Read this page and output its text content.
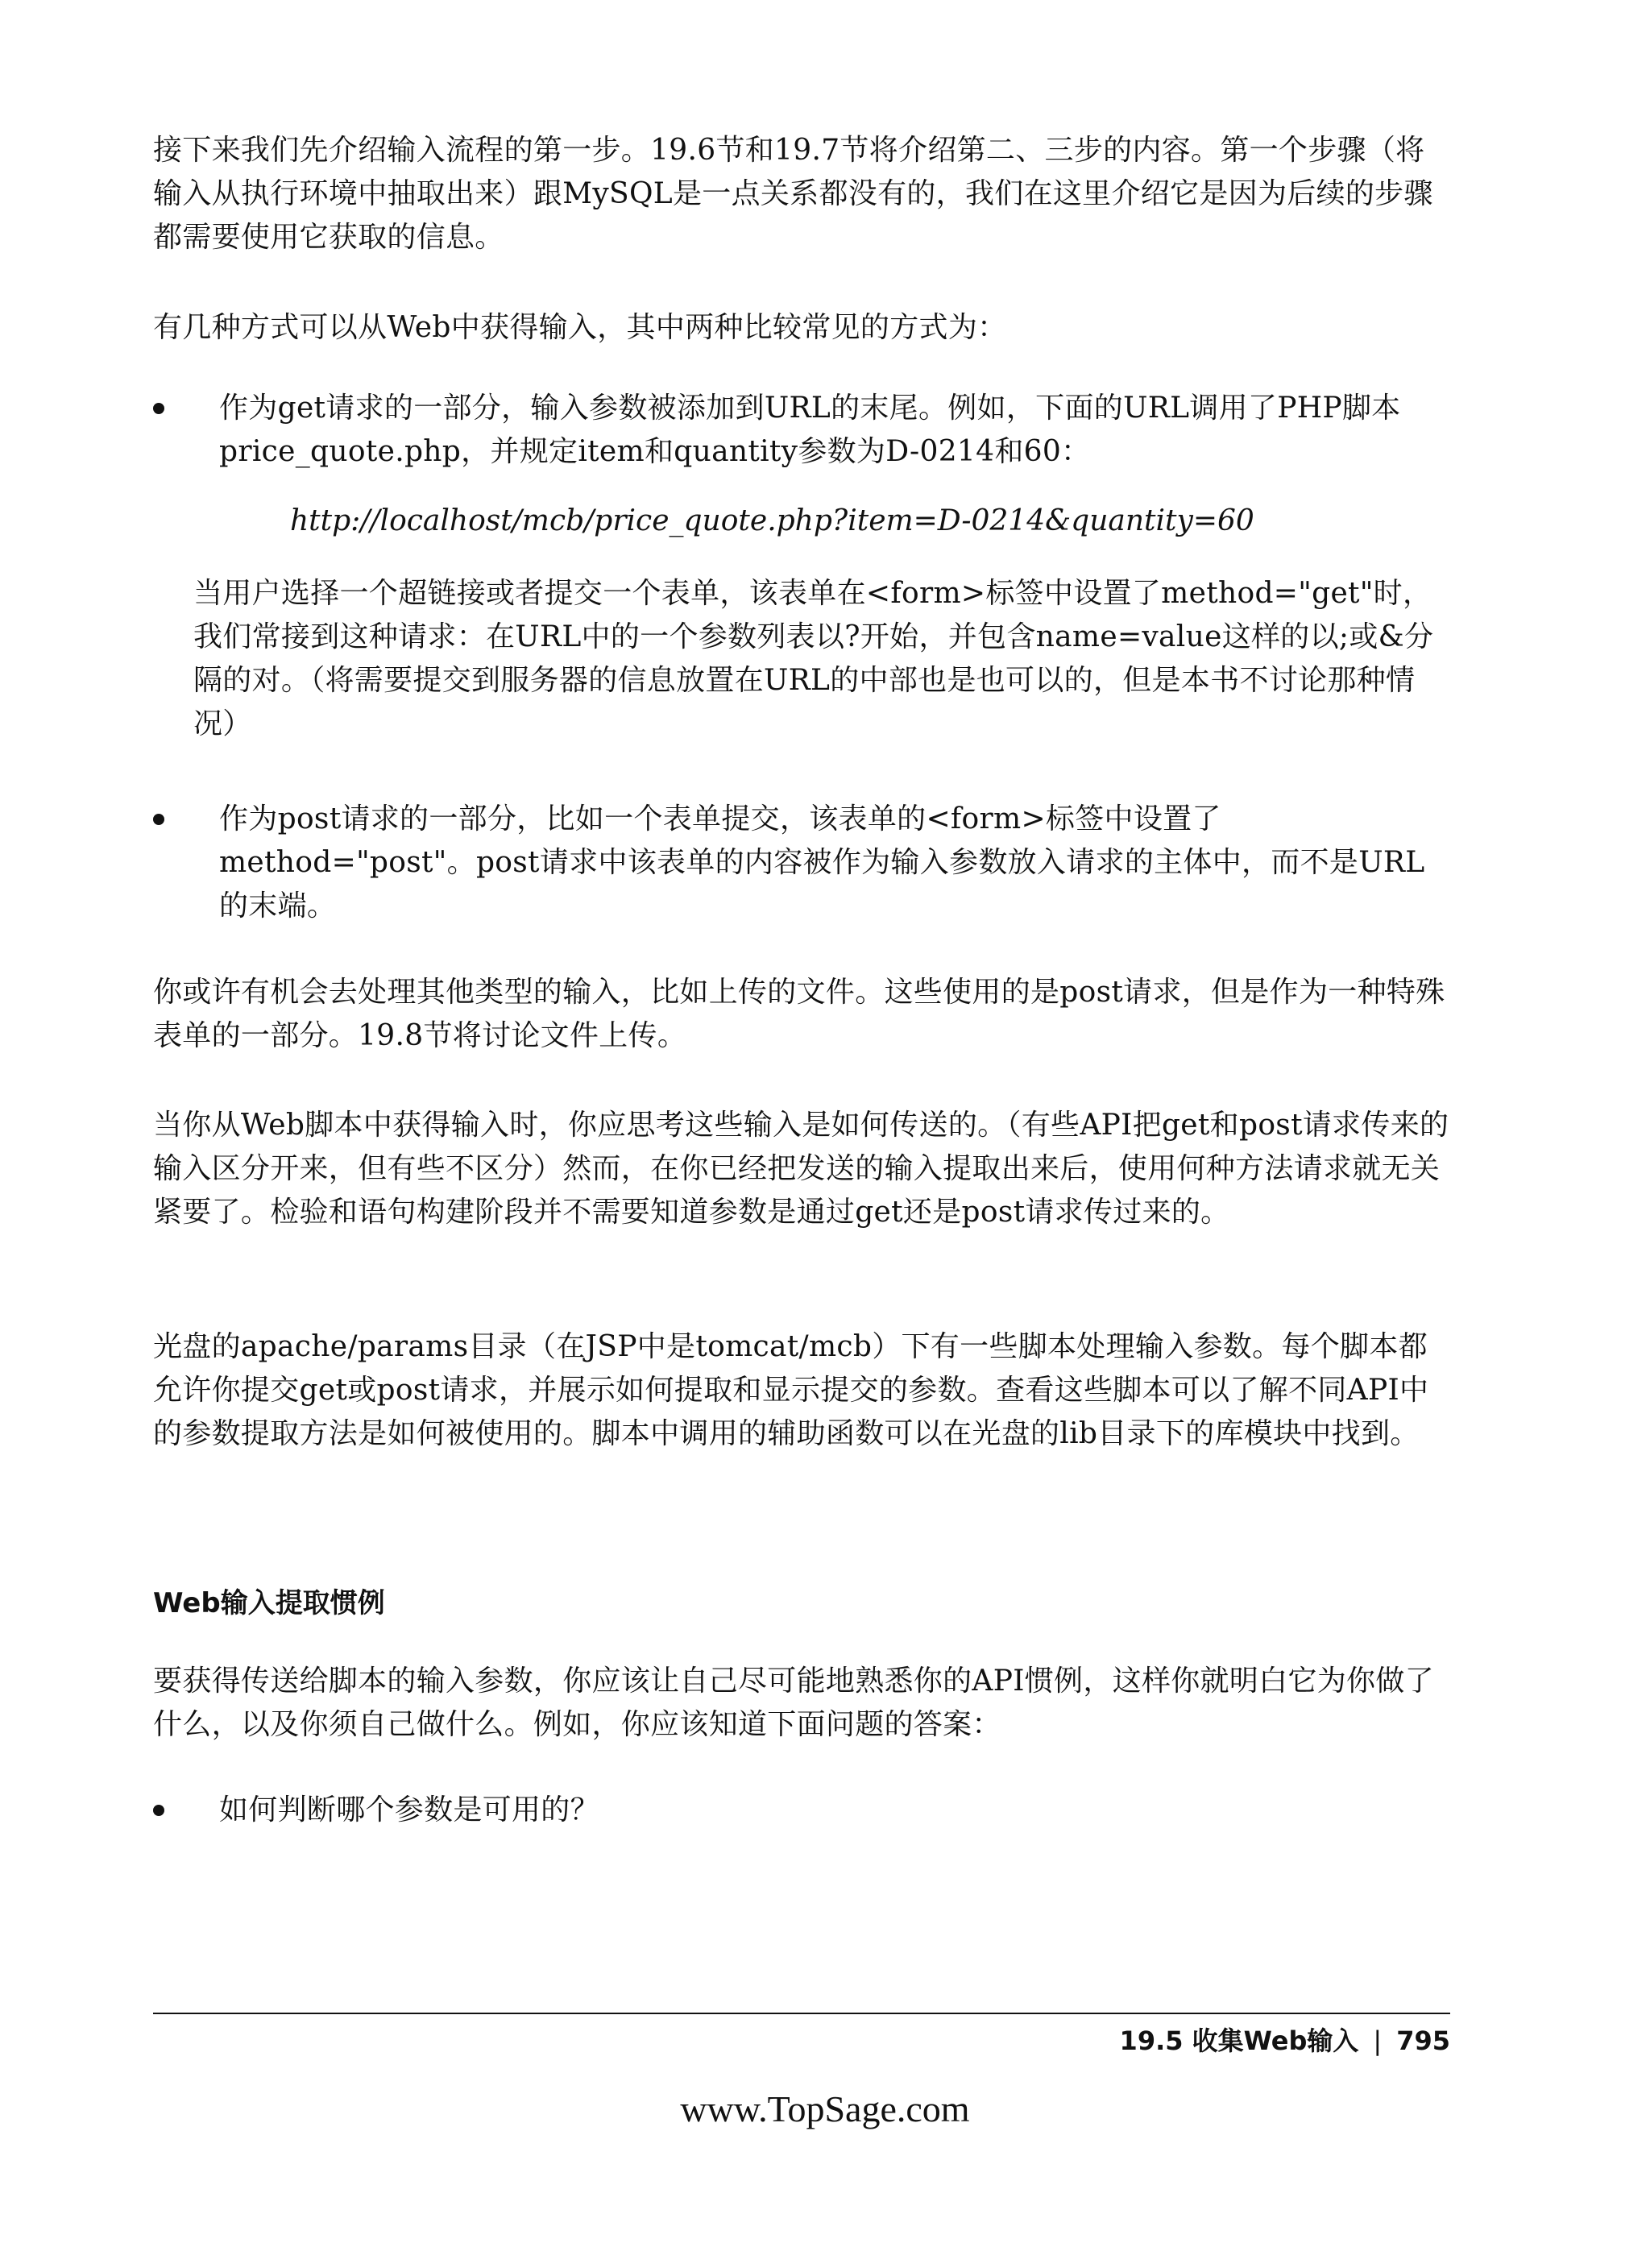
接下来我们先介绍输入流程的第一步。19.6节和19.7节将介绍第二、三步的内容。第一个步骤（将输入从执行环境中抽取出来）跟MySQL是一点关系都没有的，我们在这里介绍它是因为后续的步骤都需要使用它获取的信息。

有几种方式可以从Web中获得输入，其中两种比较常见的方式为：

作为get请求的一部分，输入参数被添加到URL的末尾。例如，下面的URL调用了PHP脚本price_quote.php，并规定item和quantity参数为D-0214和60：

http://localhost/mcb/price_quote.php?item=D-0214&quantity=60

当用户选择一个超链接或者提交一个表单，该表单在<form>标签中设置了method="get"时，我们常接到这种请求：在URL中的一个参数列表以?开始，并包含name=value这样的以;或&分隔的对。（将需要提交到服务器的信息放置在URL的中部也是也可以的，但是本书不讨论那种情况）

作为post请求的一部分，比如一个表单提交，该表单的<form>标签中设置了method="post"。post请求中该表单的内容被作为输入参数放入请求的主体中，而不是URL的末端。

你或许有机会去处理其他类型的输入，比如上传的文件。这些使用的是post请求，但是作为一种特殊表单的一部分。19.8节将讨论文件上传。

当你从Web脚本中获得输入时，你应思考这些输入是如何传送的。（有些API把get和post请求传来的输入区分开来，但有些不区分）然而，在你已经把发送的输入提取出来后，使用何种方法请求就无关紧要了。检验和语句构建阶段并不需要知道参数是通过get还是post请求传过来的。

光盘的apache/params目录（在JSP中是tomcat/mcb）下有一些脚本处理输入参数。每个脚本都允许你提交get或post请求，并展示如何提取和显示提交的参数。查看这些脚本可以了解不同API中的参数提取方法是如何被使用的。脚本中调用的辅助函数可以在光盘的lib目录下的库模块中找到。

Web输入提取惯例

要获得传送给脚本的输入参数，你应该让自己尽可能地熟悉你的API惯例，这样你就明白它为你做了什么，以及你须自己做什么。例如，你应该知道下面问题的答案：

如何判断哪个参数是可用的？

19.5 收集Web输入 | 795
www.TopSage.com
